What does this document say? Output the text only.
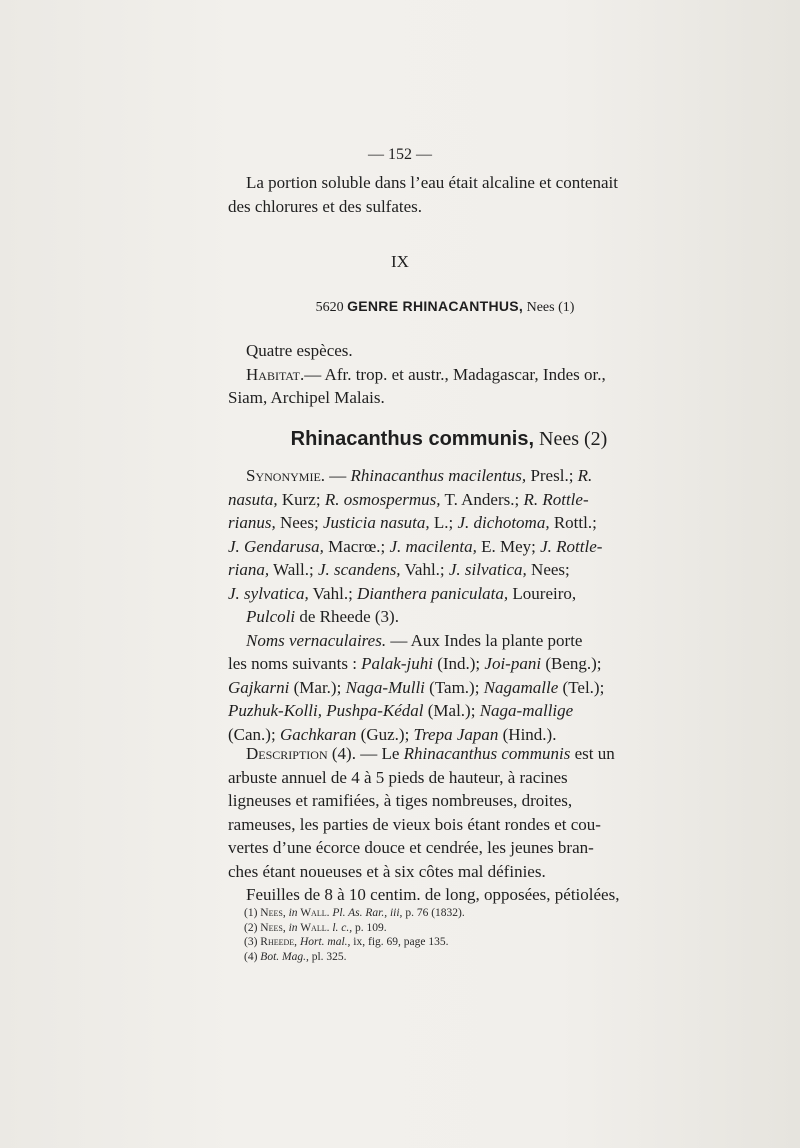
— 152 —

La portion soluble dans l’eau était alcaline et contenait

des chlorures et des sulfates.

IX
5620 GENRE RHINACANTHUS, Nees (1)

Quatre espèces.

Habitat.— Afr. trop. et austr., Madagascar, Indes or.,

Siam, Archipel Malais.

Rhinacanthus communis, Nees (2)

Synonymie. — Rhinacanthus macilentus, Presl.; R.

nasuta, Kurz; R. osmospermus, T. Anders.; R. Rottle-

rianus, Nees; Justicia nasuta, L.; J. dichotoma, Rottl.;

J. Gendarusa, Macrœ.; J. macilenta, E. Mey; J. Rottle-

riana, Wall.; J. scandens, Vahl.; J. silvatica, Nees;

J. sylvatica, Vahl.; Dianthera paniculata, Loureiro,

Pulcoli de Rheede (3).

Noms vernaculaires. — Aux Indes la plante porte

les noms suivants : Palak-juhi (Ind.); Joi-pani (Beng.);

Gajkarni (Mar.); Naga-Mulli (Tam.); Nagamalle (Tel.);

Puzhuk-Kolli, Pushpa-Kédal (Mal.); Naga-mallige

(Can.); Gachkaran (Guz.); Trepa Japan (Hind.).

Description (4). — Le Rhinacanthus communis est un

arbuste annuel de 4 à 5 pieds de hauteur, à racines

ligneuses et ramifiées, à tiges nombreuses, droites,

rameuses, les parties de vieux bois étant rondes et cou-

vertes d’une écorce douce et cendrée, les jeunes bran-

ches étant noueuses et à six côtes mal définies.

Feuilles de 8 à 10 centim. de long, opposées, pétiolées,

(1) Nees, in Wall. Pl. As. Rar., iii, p. 76 (1832).
(2) Nees, in Wall. l. c., p. 109.
(3) Rheede, Hort. mal., ix, fig. 69, page 135.
(4) Bot. Mag., pl. 325.
